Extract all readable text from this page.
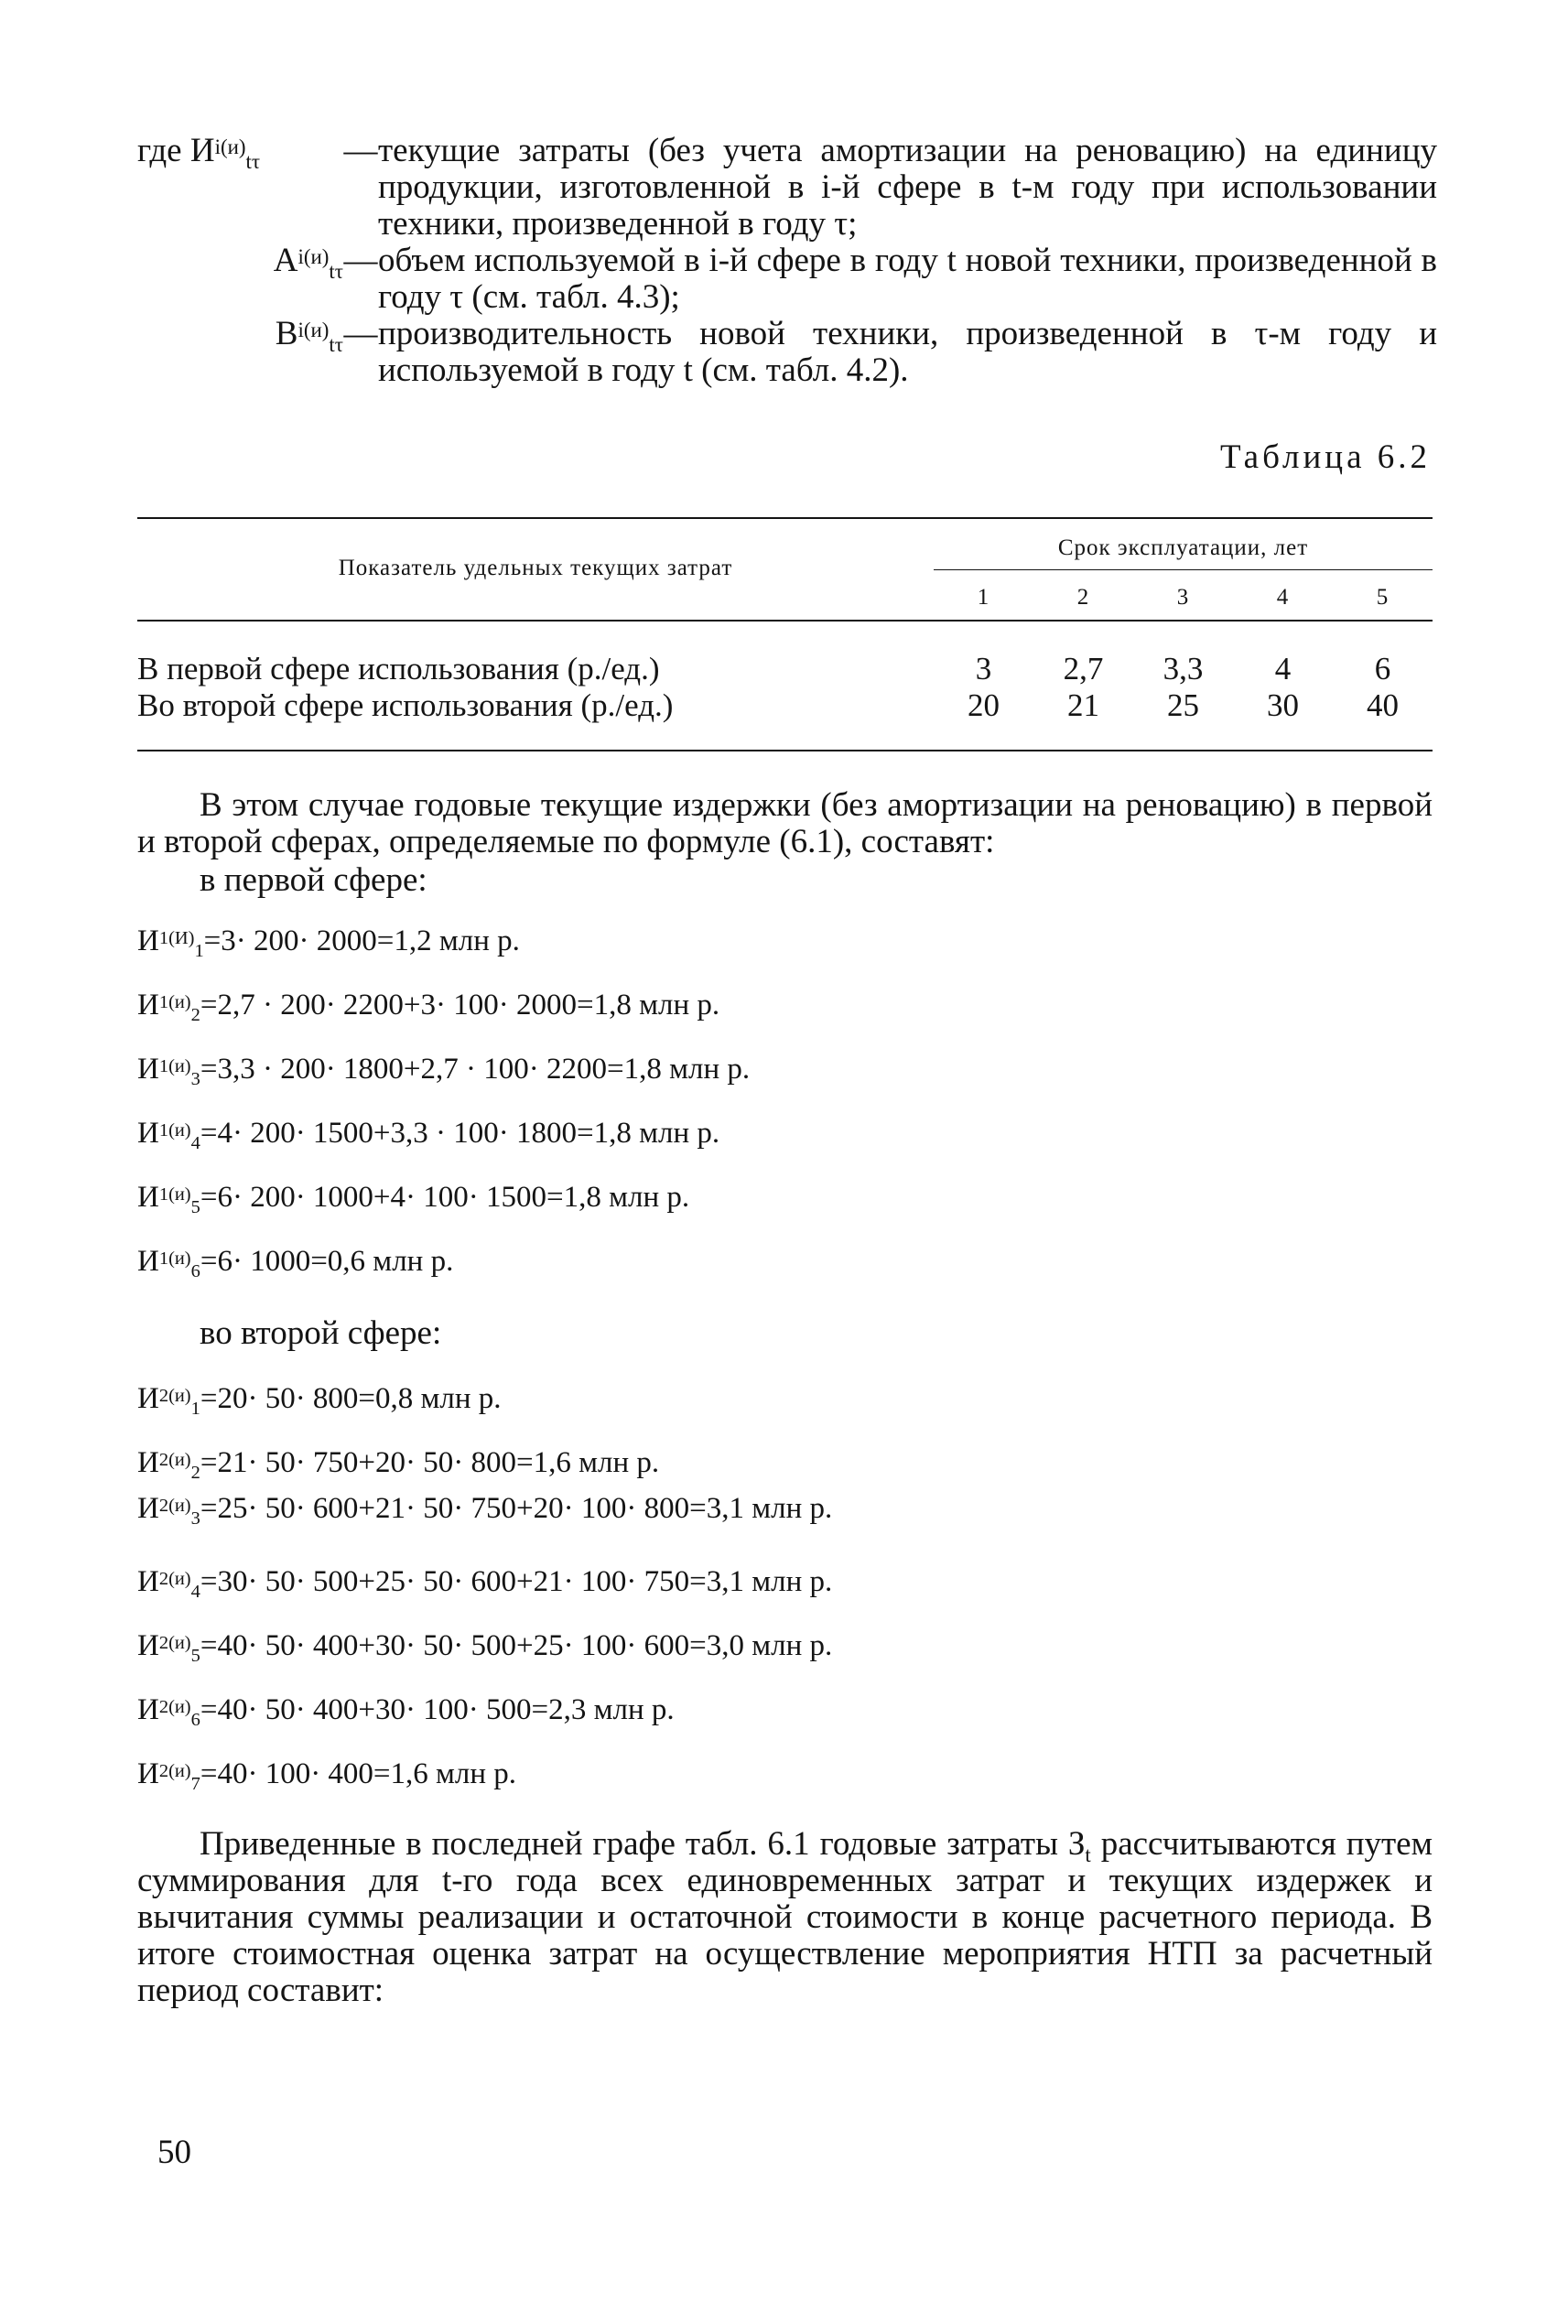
где $И^{i(и)}_{t\tau}$	— текущие затраты (без учета амортизации на реновацию) на единицу продукции, изготовленной в i-й сфере в t-м году при использовании техники, произведенной в году τ;
$А^{i(и)}_{t\tau}$ — объем используемой в i-й сфере в году t новой техники, произведенной в году τ (см. табл. 4.3);
$B^{i(и)}_{t\tau}$ — производительность новой техники, произведенной в τ-м году и используемой в году t (см. табл. 4.2).
Таблица 6.2
Показатель удельных текущих затрат
Срок эксплуатации, лет
1	2	3	4	5
В первой сфере использования (р./ед.)	3	2,7	3,3	4	6
Во второй сфере использования (р./ед.)	20	21	25	30	40
В этом случае годовые текущие издержки (без амортизации на реновацию) в первой и второй сферах, определяемые по формуле (6.1), составят:
в первой сфере:
$И^{1(И)}_1=3\cdot 200\cdot 2000=1,2$ млн р.
$И^{1(и)}_2=2,7 \cdot 200\cdot 2200+3\cdot 100\cdot 2000=1,8$ млн р.
$И^{1(и)}_3=3,3 \cdot 200\cdot 1800+2,7 \cdot 100\cdot 2200=1,8$ млн р.
$И^{1(и)}_4=4\cdot 200\cdot 1500+3,3 \cdot 100\cdot 1800=1,8$ млн р.
$И^{1(и)}_5=6\cdot 200\cdot 1000+4\cdot 100\cdot 1500=1,8$ млн р.
$И^{1(и)}_6=6\cdot 1000=0,6$ млн р.
во второй сфере:
$И^{2(и)}_1=20\cdot 50\cdot 800=0,8$ млн р.
$И^{2(и)}_2=21\cdot 50\cdot 750+20\cdot 50\cdot 800=1,6$ млн р.
$И^{2(и)}_3=25\cdot 50\cdot 600+21\cdot 50\cdot 750+20\cdot 100\cdot 800=3,1$ млн р.
$И^{2(и)}_4=30\cdot 50\cdot 500+25\cdot 50\cdot 600+21\cdot 100\cdot 750=3,1$ млн р.
$И^{2(и)}_5=40\cdot 50\cdot 400+30\cdot 50\cdot 500+25\cdot 100\cdot 600=3,0$ млн р.
$И^{2(и)}_6=40\cdot 50\cdot 400+30\cdot 100\cdot 500=2,3$ млн р.
$И^{2(и)}_7=40\cdot 100\cdot 400=1,6$ млн р.
Приведенные в последней графе табл. 6.1 годовые затраты $З_t$ рассчитываются путем суммирования для t-го года всех единовременных затрат и текущих издержек и вычитания суммы реализации и остаточной стоимости в конце расчетного периода. В итоге стоимостная оценка затрат на осуществление мероприятия НТП за расчетный период составит:
50
